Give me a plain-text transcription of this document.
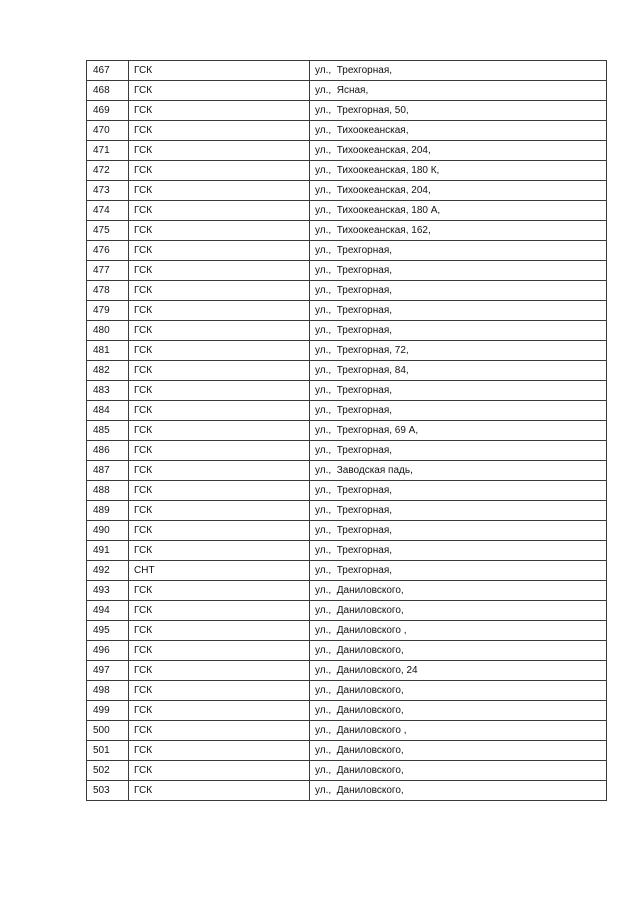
467	ГСК	ул.,  Трехгорная,
468	ГСК	ул.,  Ясная,
469	ГСК	ул.,  Трехгорная, 50,
470	ГСК	ул.,  Тихоокеанская,
471	ГСК	ул.,  Тихоокеанская, 204,
472	ГСК	ул.,  Тихоокеанская, 180 К,
473	ГСК	ул.,  Тихоокеанская, 204,
474	ГСК	ул.,  Тихоокеанская, 180 А,
475	ГСК	ул.,  Тихоокеанская, 162,
476	ГСК	ул.,  Трехгорная,
477	ГСК	ул.,  Трехгорная,
478	ГСК	ул.,  Трехгорная,
479	ГСК	ул.,  Трехгорная,
480	ГСК	ул.,  Трехгорная,
481	ГСК	ул.,  Трехгорная, 72,
482	ГСК	ул.,  Трехгорная, 84,
483	ГСК	ул.,  Трехгорная,
484	ГСК	ул.,  Трехгорная,
485	ГСК	ул.,  Трехгорная, 69 А,
486	ГСК	ул.,  Трехгорная,
487	ГСК	ул.,  Заводская падь,
488	ГСК	ул.,  Трехгорная,
489	ГСК	ул.,  Трехгорная,
490	ГСК	ул.,  Трехгорная,
491	ГСК	ул.,  Трехгорная,
492	СНТ	ул.,  Трехгорная,
493	ГСК	ул.,  Даниловского,
494	ГСК	ул.,  Даниловского,
495	ГСК	ул.,  Даниловского ,
496	ГСК	ул.,  Даниловского,
497	ГСК	ул.,  Даниловского, 24
498	ГСК	ул.,  Даниловского,
499	ГСК	ул.,  Даниловского,
500	ГСК	ул.,  Даниловского ,
501	ГСК	ул.,  Даниловского,
502	ГСК	ул.,  Даниловского,
503	ГСК	ул.,  Даниловского,
